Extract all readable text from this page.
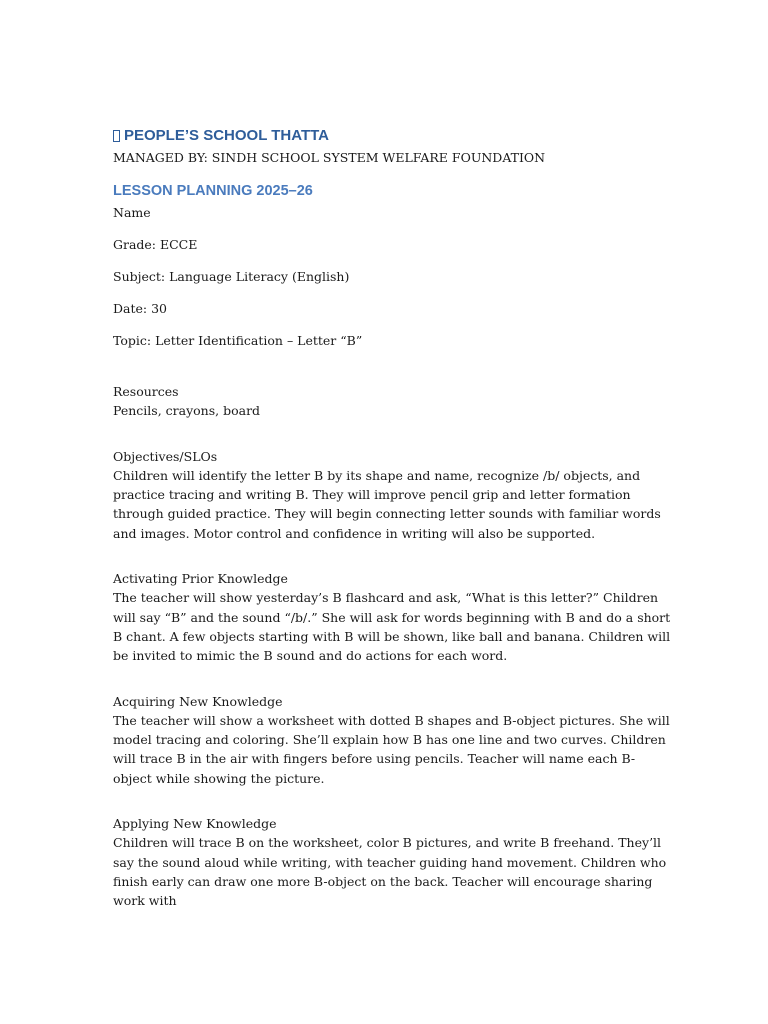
PEOPLE’S SCHOOL THATTA
MANAGED BY: SINDH SCHOOL SYSTEM WELFARE FOUNDATION
LESSON PLANNING 2025–26
Name
Grade: ECCE
Subject: Language Literacy (English)
Date: 30
Topic: Letter Identification – Letter “B”
Resources
Pencils, crayons, board
Objectives/SLOs
Children will identify the letter B by its shape and name, recognize /b/ objects, and practice tracing and writing B. They will improve pencil grip and letter formation through guided practice. They will begin connecting letter sounds with familiar words and images. Motor control and confidence in writing will also be supported.
Activating Prior Knowledge
The teacher will show yesterday’s B flashcard and ask, “What is this letter?” Children will say “B” and the sound “/b/.” She will ask for words beginning with B and do a short B chant. A few objects starting with B will be shown, like ball and banana. Children will be invited to mimic the B sound and do actions for each word.
Acquiring New Knowledge
The teacher will show a worksheet with dotted B shapes and B-object pictures. She will model tracing and coloring. She’ll explain how B has one line and two curves. Children will trace B in the air with fingers before using pencils. Teacher will name each B-object while showing the picture.
Applying New Knowledge
Children will trace B on the worksheet, color B pictures, and write B freehand. They’ll say the sound aloud while writing, with teacher guiding hand movement. Children who finish early can draw one more B-object on the back. Teacher will encourage sharing work with
